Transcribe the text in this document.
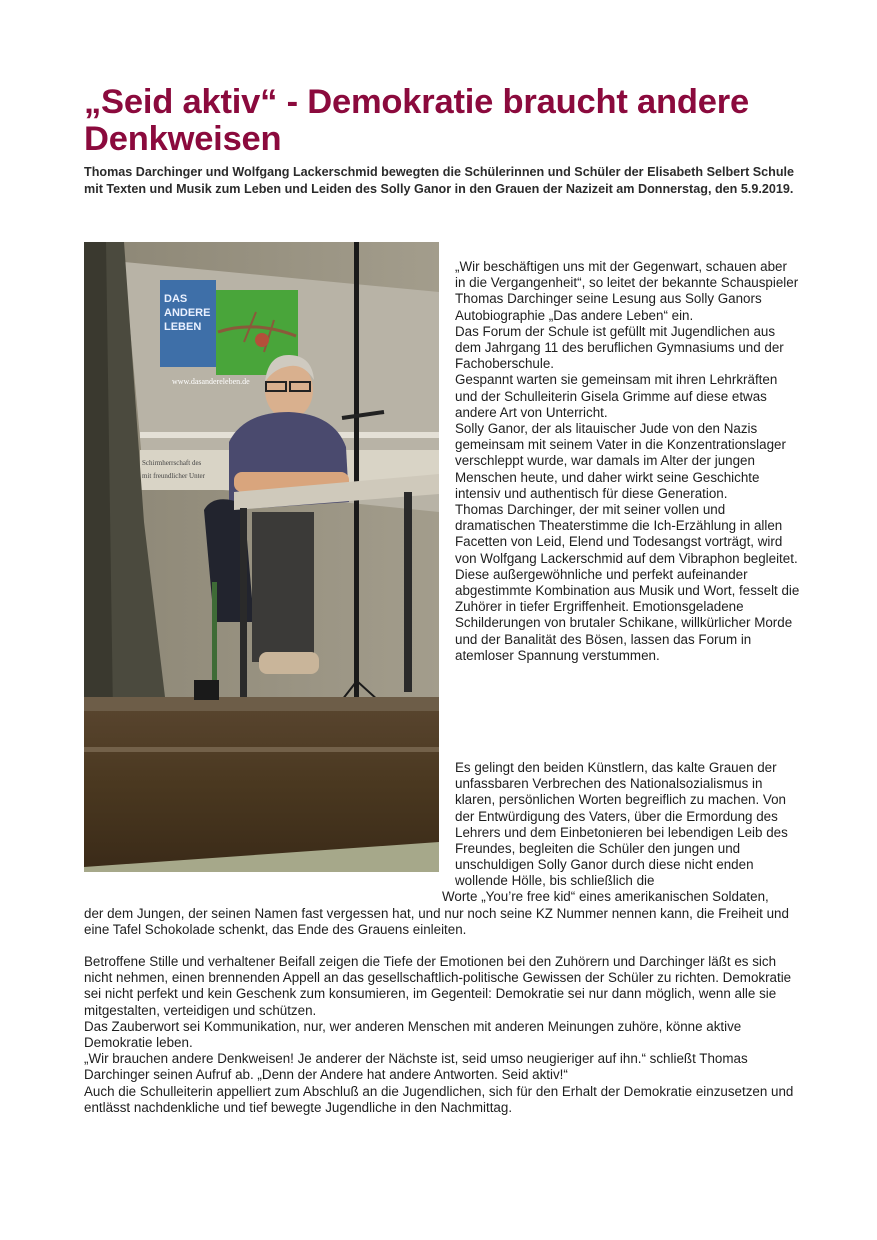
„Seid aktiv“ - Demokratie braucht andere Denkweisen

Thomas Darchinger und Wolfgang Lackerschmid bewegten die Schülerinnen und Schüler der Elisabeth Selbert Schule mit Texten und Musik zum Leben und Leiden des Solly Ganor in den Grauen der Nazizeit am Donnerstag, den 5.9.2019.

DAS
ANDERE
LEBEN
www.dasandereleben.de
Schirmherrschaft des
mit freundlicher Unter

„Wir beschäftigen uns mit der Gegenwart, schauen aber in die Vergangenheit“, so leitet der bekannte Schauspieler Thomas Darchinger seine Lesung aus Solly Ganors Autobiographie „Das andere Leben“ ein.

Das Forum der Schule ist gefüllt mit Jugendlichen aus dem Jahrgang 11 des beruflichen Gymnasiums und der Fachoberschule.

Gespannt warten sie gemeinsam mit ihren Lehrkräften und der Schulleiterin Gisela Grimme auf diese etwas andere Art von Unterricht.

Solly Ganor, der als litauischer Jude von den Nazis gemeinsam mit seinem Vater in die Konzentrationslager verschleppt wurde, war damals im Alter der jungen Menschen heute, und daher wirkt seine Geschichte intensiv und authentisch für diese Generation.

Thomas Darchinger, der mit seiner vollen und dramatischen Theaterstimme die Ich-Erzählung in allen Facetten von Leid, Elend und Todesangst vorträgt, wird von Wolfgang Lackerschmid auf dem Vibraphon begleitet. Diese außergewöhnliche und perfekt aufeinander abgestimmte Kombination aus Musik und Wort, fesselt die Zuhörer in tiefer Ergriffenheit. Emotionsgeladene Schilderungen von brutaler Schikane, willkürlicher Morde und der Banalität des Bösen, lassen das Forum in atemloser Spannung verstummen.

Es gelingt den beiden Künstlern, das kalte Grauen der unfassbaren Verbrechen des Nationalsozialismus in klaren, persönlichen Worten begreiflich zu machen. Von der Entwürdigung des Vaters, über die Ermordung des Lehrers und dem Einbetonieren bei lebendigen Leib des Freundes, begleiten die Schüler den jungen und unschuldigen Solly Ganor durch diese nicht enden wollende Hölle, bis schließlich die

Worte „You’re free kid“ eines amerikanischen Soldaten,

der dem Jungen, der seinen Namen fast vergessen hat, und nur noch seine KZ Nummer nennen kann, die Freiheit und eine Tafel Schokolade schenkt, das Ende des Grauens einleiten.

Betroffene Stille und verhaltener Beifall zeigen die Tiefe der Emotionen bei den Zuhörern und Darchinger läßt es sich nicht nehmen, einen brennenden Appell an das gesellschaftlich-politische Gewissen der Schüler zu richten. Demokratie sei nicht perfekt und kein Geschenk zum konsumieren, im Gegenteil: Demokratie sei nur dann möglich, wenn alle sie mitgestalten, verteidigen und schützen.

Das Zauberwort sei Kommunikation, nur, wer anderen Menschen mit anderen Meinungen zuhöre, könne aktive Demokratie leben.

„Wir brauchen andere Denkweisen! Je anderer der Nächste ist, seid umso neugieriger auf ihn.“ schließt Thomas Darchinger seinen Aufruf ab. „Denn der Andere hat andere Antworten. Seid aktiv!“

Auch die Schulleiterin appelliert zum Abschluß an die Jugendlichen, sich für den Erhalt der Demokratie einzusetzen und entlässt nachdenkliche und tief bewegte Jugendliche in den Nachmittag.
